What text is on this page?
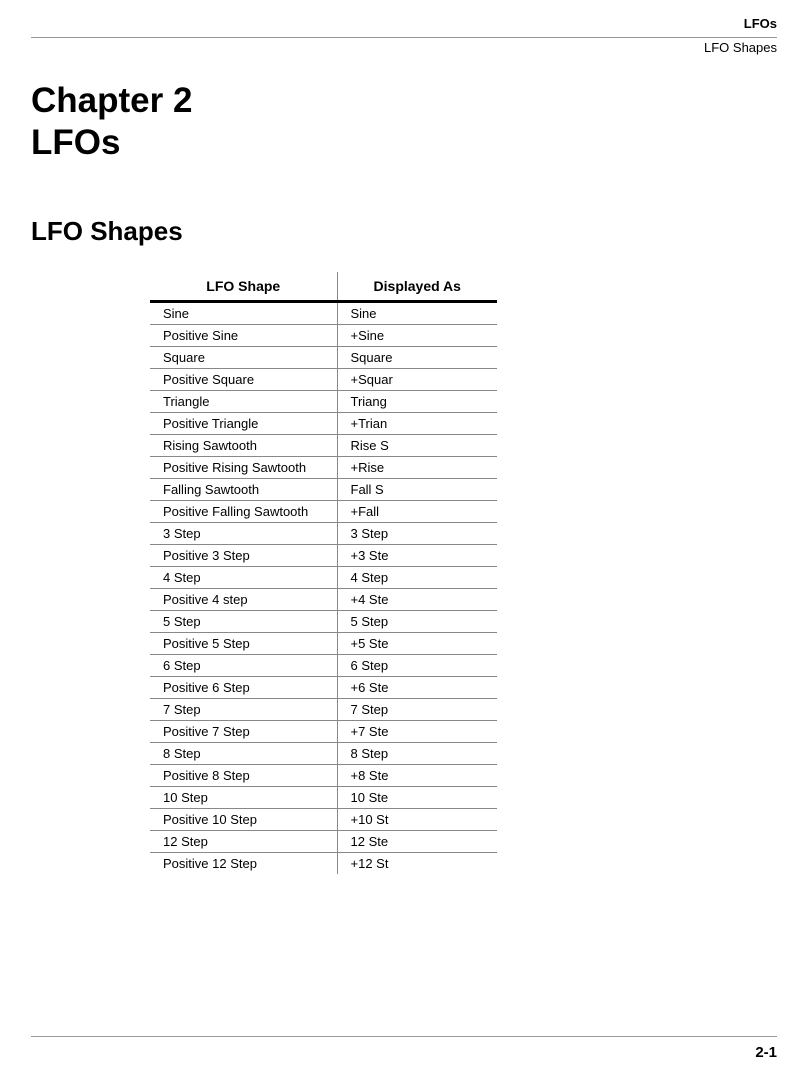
LFOs
LFO Shapes
Chapter 2
LFOs
LFO Shapes
LFO Shape	Displayed As
Sine	Sine
Positive Sine	+Sine
Square	Square
Positive Square	+Squar
Triangle	Triang
Positive Triangle	+Trian
Rising Sawtooth	Rise S
Positive Rising Sawtooth	+Rise
Falling Sawtooth	Fall S
Positive Falling Sawtooth	+Fall
3 Step	3 Step
Positive 3 Step	+3 Ste
4 Step	4 Step
Positive 4 step	+4 Ste
5 Step	5 Step
Positive 5 Step	+5 Ste
6 Step	6 Step
Positive 6 Step	+6 Ste
7 Step	7 Step
Positive 7 Step	+7 Ste
8 Step	8 Step
Positive 8 Step	+8 Ste
10 Step	10 Ste
Positive 10 Step	+10 St
12 Step	12 Ste
Positive 12 Step	+12 St
2-1
